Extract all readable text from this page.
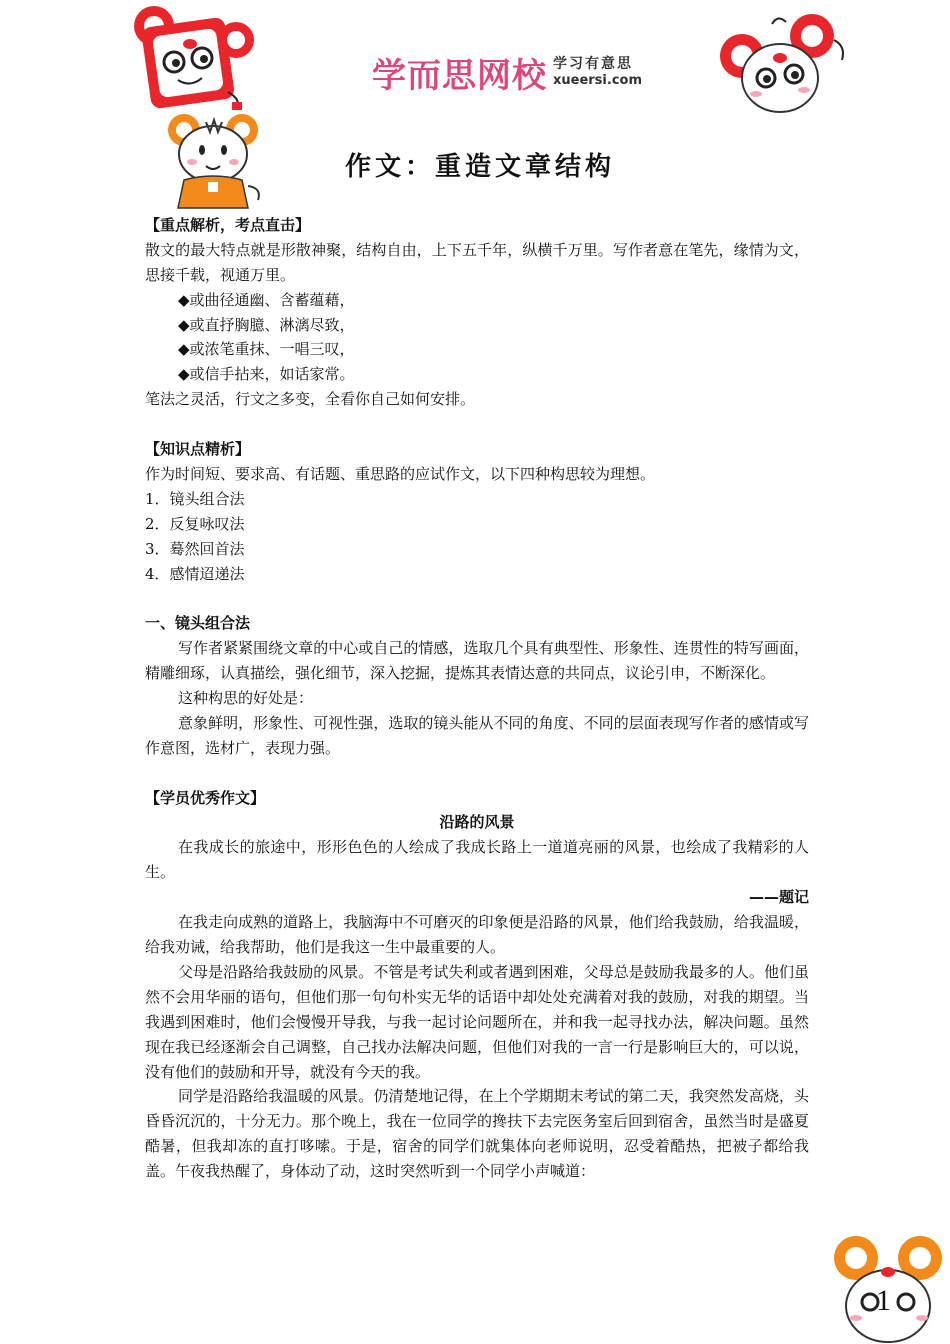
学而思网校 学习有意思
xueersi.com
作文：重造文章结构
【重点解析，考点直击】
散文的最大特点就是形散神聚，结构自由，上下五千年，纵横千万里。写作者意在笔先，缘情为文，思接千载，视通万里。
◆或曲径通幽、含蓄蕴藉，
◆或直抒胸臆、淋漓尽致，
◆或浓笔重抹、一唱三叹，
◆或信手拈来，如话家常。
笔法之灵活，行文之多变，全看你自己如何安排。
【知识点精析】
作为时间短、要求高、有话题、重思路的应试作文，以下四种构思较为理想。
1．镜头组合法
2．反复咏叹法
3．蓦然回首法
4．感情迢递法
一、镜头组合法
写作者紧紧围绕文章的中心或自己的情感，选取几个具有典型性、形象性、连贯性的特写画面，精雕细琢，认真描绘，强化细节，深入挖掘，提炼其表情达意的共同点，议论引申，不断深化。
这种构思的好处是：
意象鲜明，形象性、可视性强，选取的镜头能从不同的角度、不同的层面表现写作者的感情或写作意图，选材广，表现力强。
【学员优秀作文】
沿路的风景
在我成长的旅途中，形形色色的人绘成了我成长路上一道道亮丽的风景，也绘成了我精彩的人生。
——题记
在我走向成熟的道路上，我脑海中不可磨灭的印象便是沿路的风景，他们给我鼓励，给我温暖，给我劝诫，给我帮助，他们是我这一生中最重要的人。
父母是沿路给我鼓励的风景。不管是考试失利或者遇到困难，父母总是鼓励我最多的人。他们虽然不会用华丽的语句，但他们那一句句朴实无华的话语中却处处充满着对我的鼓励，对我的期望。当我遇到困难时，他们会慢慢开导我，与我一起讨论问题所在，并和我一起寻找办法，解决问题。虽然现在我已经逐渐会自己调整，自己找办法解决问题，但他们对我的一言一行是影响巨大的，可以说，没有他们的鼓励和开导，就没有今天的我。
同学是沿路给我温暖的风景。仍清楚地记得，在上个学期期末考试的第二天，我突然发高烧，头昏昏沉沉的，十分无力。那个晚上，我在一位同学的搀扶下去完医务室后回到宿舍，虽然当时是盛夏酷暑，但我却冻的直打哆嗦。于是，宿舍的同学们就集体向老师说明，忍受着酷热，把被子都给我盖。午夜我热醒了，身体动了动，这时突然听到一个同学小声喊道：
1
